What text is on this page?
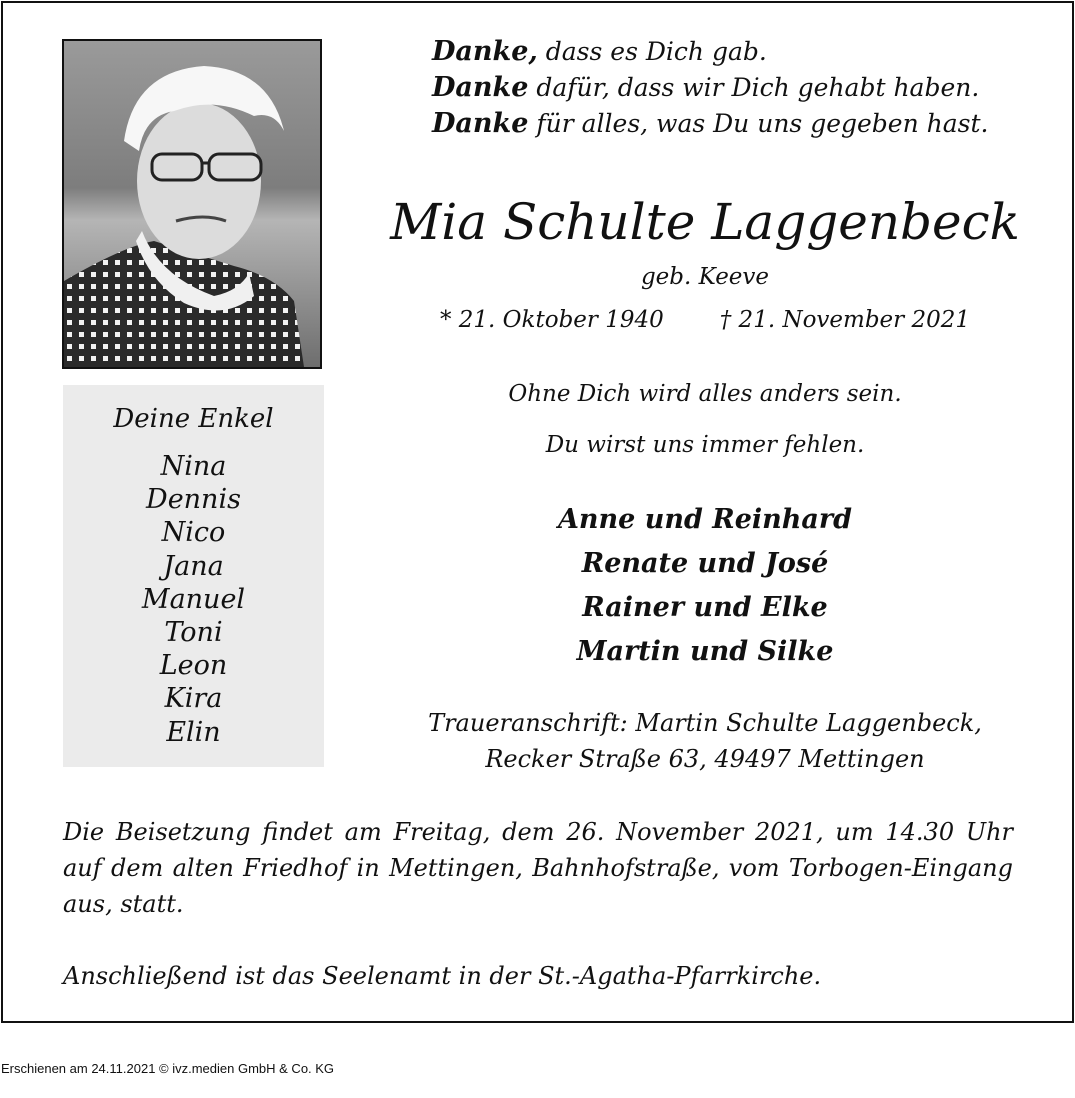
Deine Enkel
Nina
Dennis
Nico
Jana
Manuel
Toni
Leon
Kira
Elin
Danke, dass es Dich gab.
Danke dafür, dass wir Dich gehabt haben.
Danke für alles, was Du uns gegeben hast.
Mia Schulte Laggenbeck
geb. Keeve
* 21. Oktober 1940 † 21. November 2021
Ohne Dich wird alles anders sein.
Du wirst uns immer fehlen.
Anne und Reinhard
Renate und José
Rainer und Elke
Martin und Silke
Traueranschrift: Martin Schulte Laggenbeck,
Recker Straße 63, 49497 Mettingen
Die Beisetzung findet am Freitag, dem 26. November 2021, um 14.30 Uhr auf dem alten Friedhof in Mettingen, Bahnhofstraße, vom Torbogen-Eingang aus, statt.
Anschließend ist das Seelenamt in der St.-Agatha-Pfarrkirche.
Erschienen am 24.11.2021 © ivz.medien GmbH & Co. KG
